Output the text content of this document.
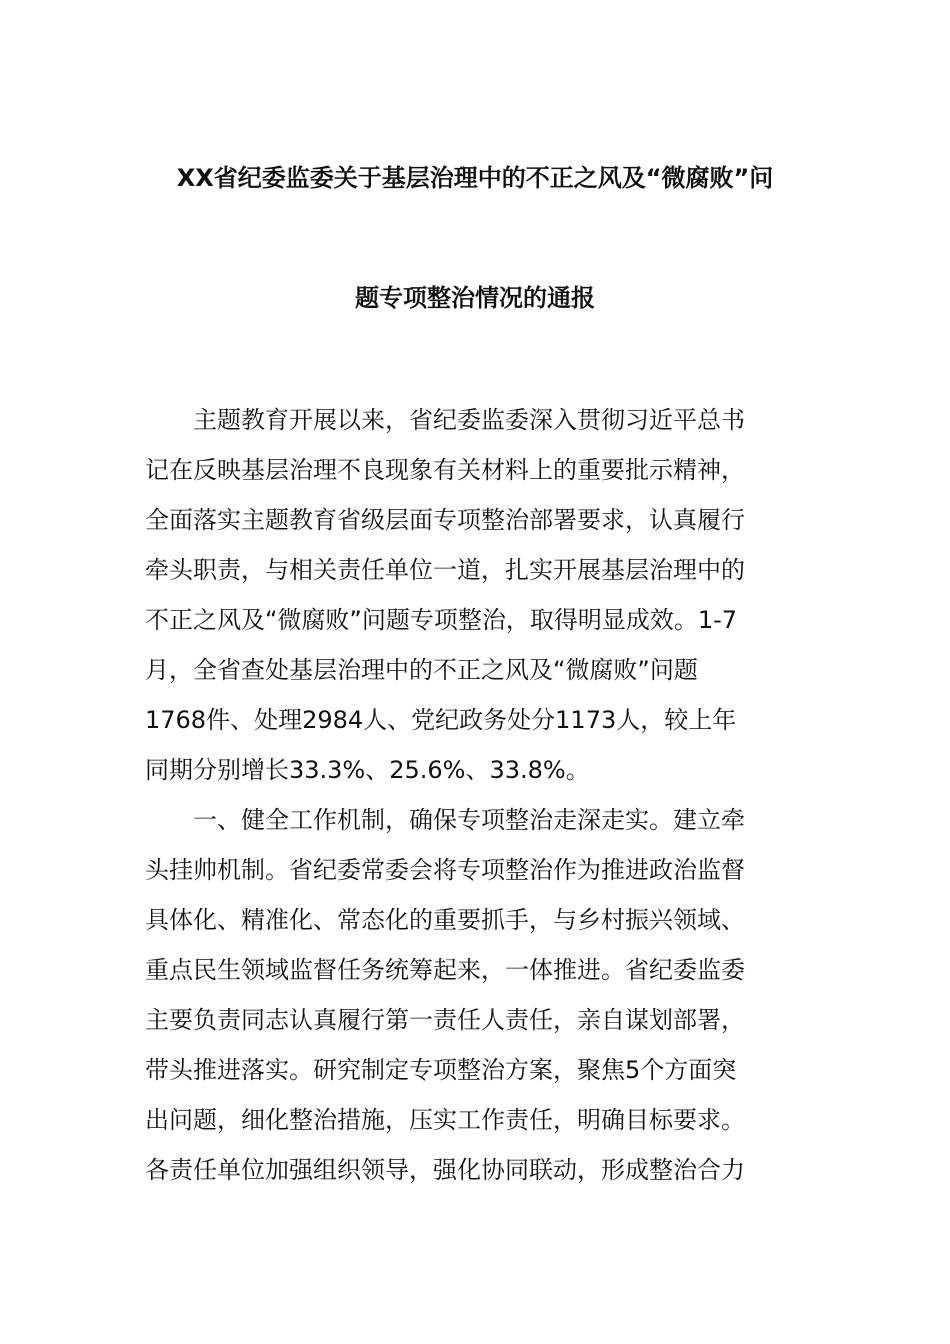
XX省纪委监委关于基层治理中的不正之风及“微腐败”问
题专项整治情况的通报
　　主题教育开展以来，省纪委监委深入贯彻习近平总书
记在反映基层治理不良现象有关材料上的重要批示精神，
全面落实主题教育省级层面专项整治部署要求，认真履行
牵头职责，与相关责任单位一道，扎实开展基层治理中的
不正之风及“微腐败”问题专项整治，取得明显成效。1-7
月，全省查处基层治理中的不正之风及“微腐败”问题
1768件、处理2984人、党纪政务处分1173人，较上年
同期分别增长33.3%、25.6%、33.8%。
　　一、健全工作机制，确保专项整治走深走实。建立牵
头挂帅机制。省纪委常委会将专项整治作为推进政治监督
具体化、精准化、常态化的重要抓手，与乡村振兴领域、
重点民生领域监督任务统筹起来，一体推进。省纪委监委
主要负责同志认真履行第一责任人责任，亲自谋划部署，
带头推进落实。研究制定专项整治方案，聚焦5个方面突
出问题，细化整治措施，压实工作责任，明确目标要求。
各责任单位加强组织领导，强化协同联动，形成整治合力
